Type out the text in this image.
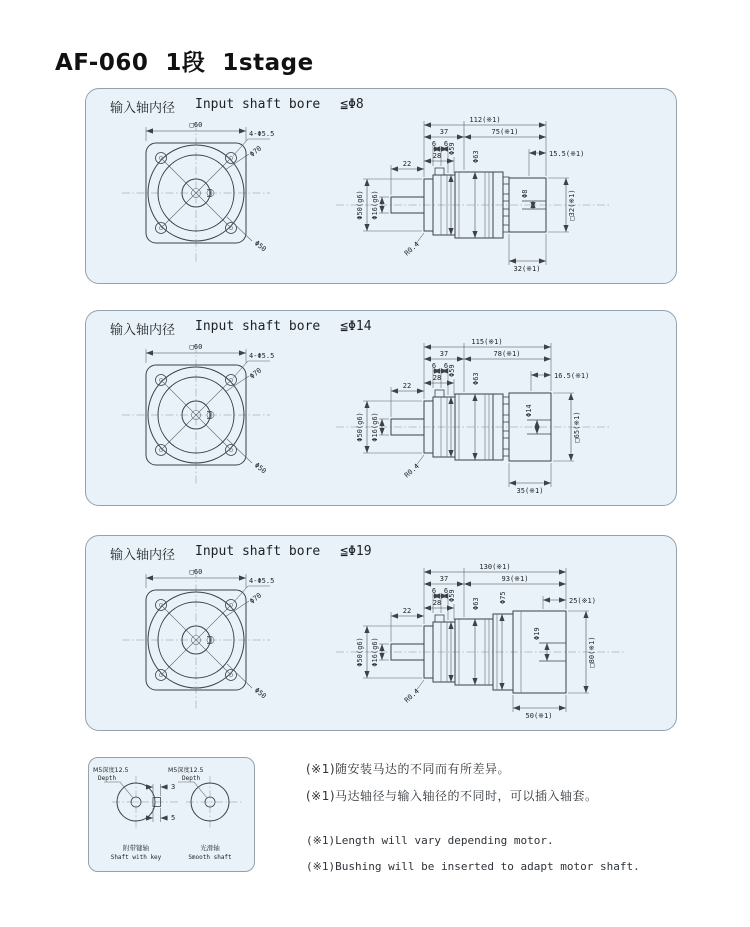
AF-060  1段  1stage
输入轴内径 Input shaft bore ≦Φ8
□60
4-Φ5.5
Φ70
Φ50
112(※1)
37	75(※1)
6 6
28
22
15.5(※1)
32(※1)
□32(※1)
Φ50(g6) Φ16(g6)
Φ59
Φ63
Φ8
R0.4
输入轴内径 Input shaft bore ≦Φ14
□60
4-Φ5.5
Φ70
Φ50
115(※1)
37	78(※1)
6 6
28
22
16.5(※1)
35(※1)
□65(※1)
Φ50(g6) Φ16(g6)
Φ59
Φ63
Φ14
R0.4
输入轴内径 Input shaft bore ≦Φ19
□60
4-Φ5.5
Φ70
Φ50
130(※1)
37	93(※1)
6 6
28
22
25(※1)
50(※1)
□80(※1)
Φ50(g6) Φ16(g6)
Φ59
Φ63	Φ75
Φ19
R0.4
3
5
M5深度12.5
Depth
附带键轴
Shaft with key
M5深度12.5
Depth
光滑轴
Smooth shaft
(※1)随安装马达的不同而有所差异。
(※1)马达轴径与输入轴径的不同时，可以插入轴套。
(※1)Length will vary depending motor.
(※1)Bushing will be inserted to adapt motor shaft.
